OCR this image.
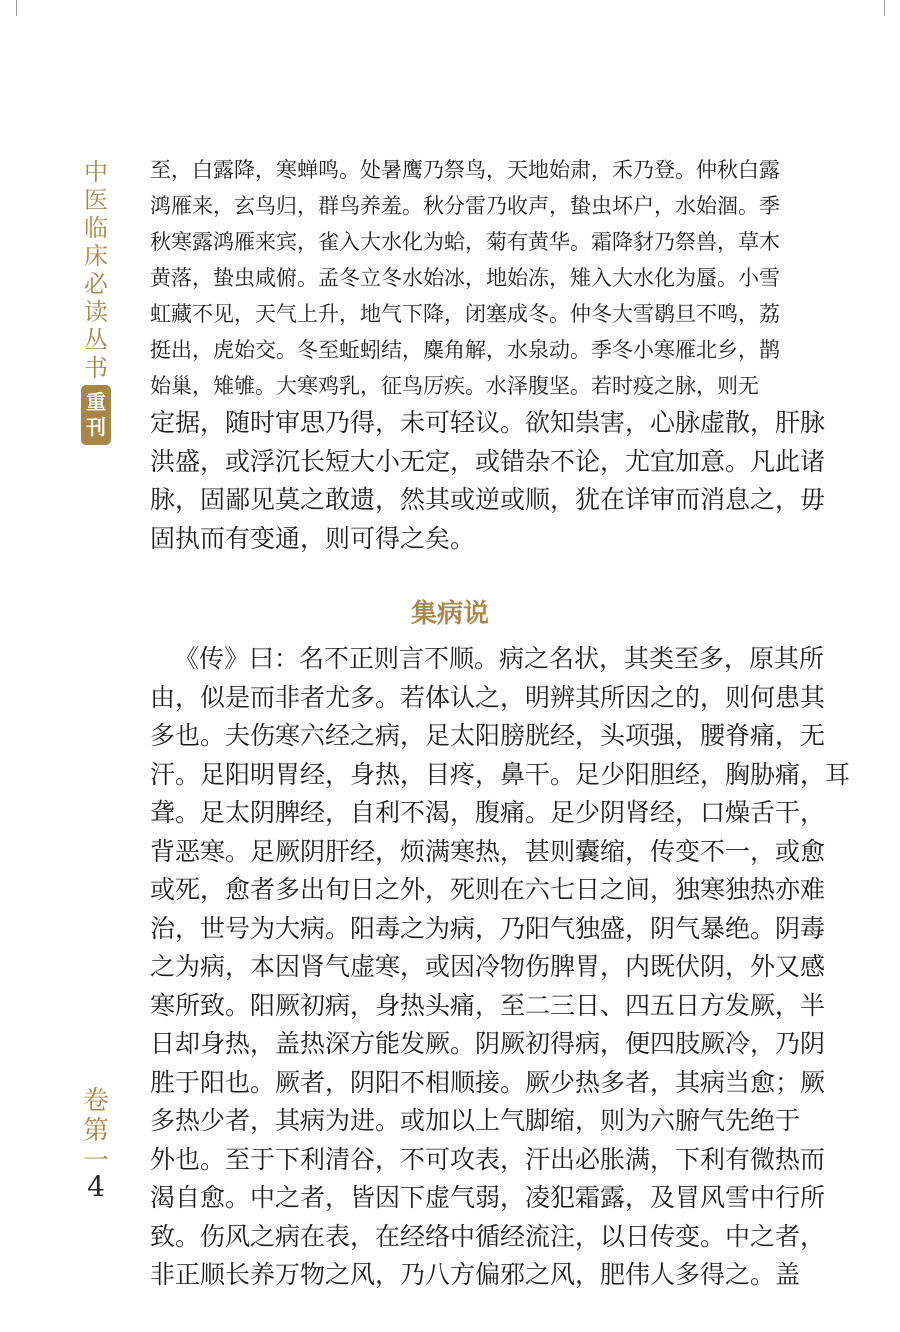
中
医
临
床
必
读
丛
书
重
刊
卷
第
一
4
至，白露降，寒蝉鸣。处暑鹰乃祭鸟，天地始肃，禾乃登。仲秋白露
鸿雁来，玄鸟归，群鸟养羞。秋分雷乃收声，蛰虫坏户，水始涸。季
秋寒露鸿雁来宾，雀入大水化为蛤，菊有黄华。霜降豺乃祭兽，草木
黄落，蛰虫咸俯。孟冬立冬水始冰，地始冻，雉入大水化为蜃。小雪
虹藏不见，天气上升，地气下降，闭塞成冬。仲冬大雪鹖旦不鸣，荔
挺出，虎始交。冬至蚯蚓结，麋角解，水泉动。季冬小寒雁北乡，鹊
始巢，雉雊。大寒鸡乳，征鸟厉疾。水泽腹坚。若时疫之脉，则无
定据，随时审思乃得，未可轻议。欲知祟害，心脉虚散，肝脉
洪盛，或浮沉长短大小无定，或错杂不论，尤宜加意。凡此诸
脉，固鄙见莫之敢遗，然其或逆或顺，犹在详审而消息之，毋
固执而有变通，则可得之矣。
集病说
《传》曰：名不正则言不顺。病之名状，其类至多，原其所
由，似是而非者尤多。若体认之，明辨其所因之的，则何患其
多也。夫伤寒六经之病，足太阳膀胱经，头项强，腰脊痛，无
汗。足阳明胃经，身热，目疼，鼻干。足少阳胆经，胸胁痛，耳
聋。足太阴脾经，自利不渴，腹痛。足少阴肾经，口燥舌干，
背恶寒。足厥阴肝经，烦满寒热，甚则囊缩，传变不一，或愈
或死，愈者多出旬日之外，死则在六七日之间，独寒独热亦难
治，世号为大病。阳毒之为病，乃阳气独盛，阴气暴绝。阴毒
之为病，本因肾气虚寒，或因冷物伤脾胃，内既伏阴，外又感
寒所致。阳厥初病，身热头痛，至二三日、四五日方发厥，半
日却身热，盖热深方能发厥。阴厥初得病，便四肢厥冷，乃阴
胜于阳也。厥者，阴阳不相顺接。厥少热多者，其病当愈；厥
多热少者，其病为进。或加以上气脚缩，则为六腑气先绝于
外也。至于下利清谷，不可攻表，汗出必胀满，下利有微热而
渴自愈。中之者，皆因下虚气弱，凌犯霜露，及冒风雪中行所
致。伤风之病在表，在经络中循经流注，以日传变。中之者，
非正顺长养万物之风，乃八方偏邪之风，肥伟人多得之。盖
